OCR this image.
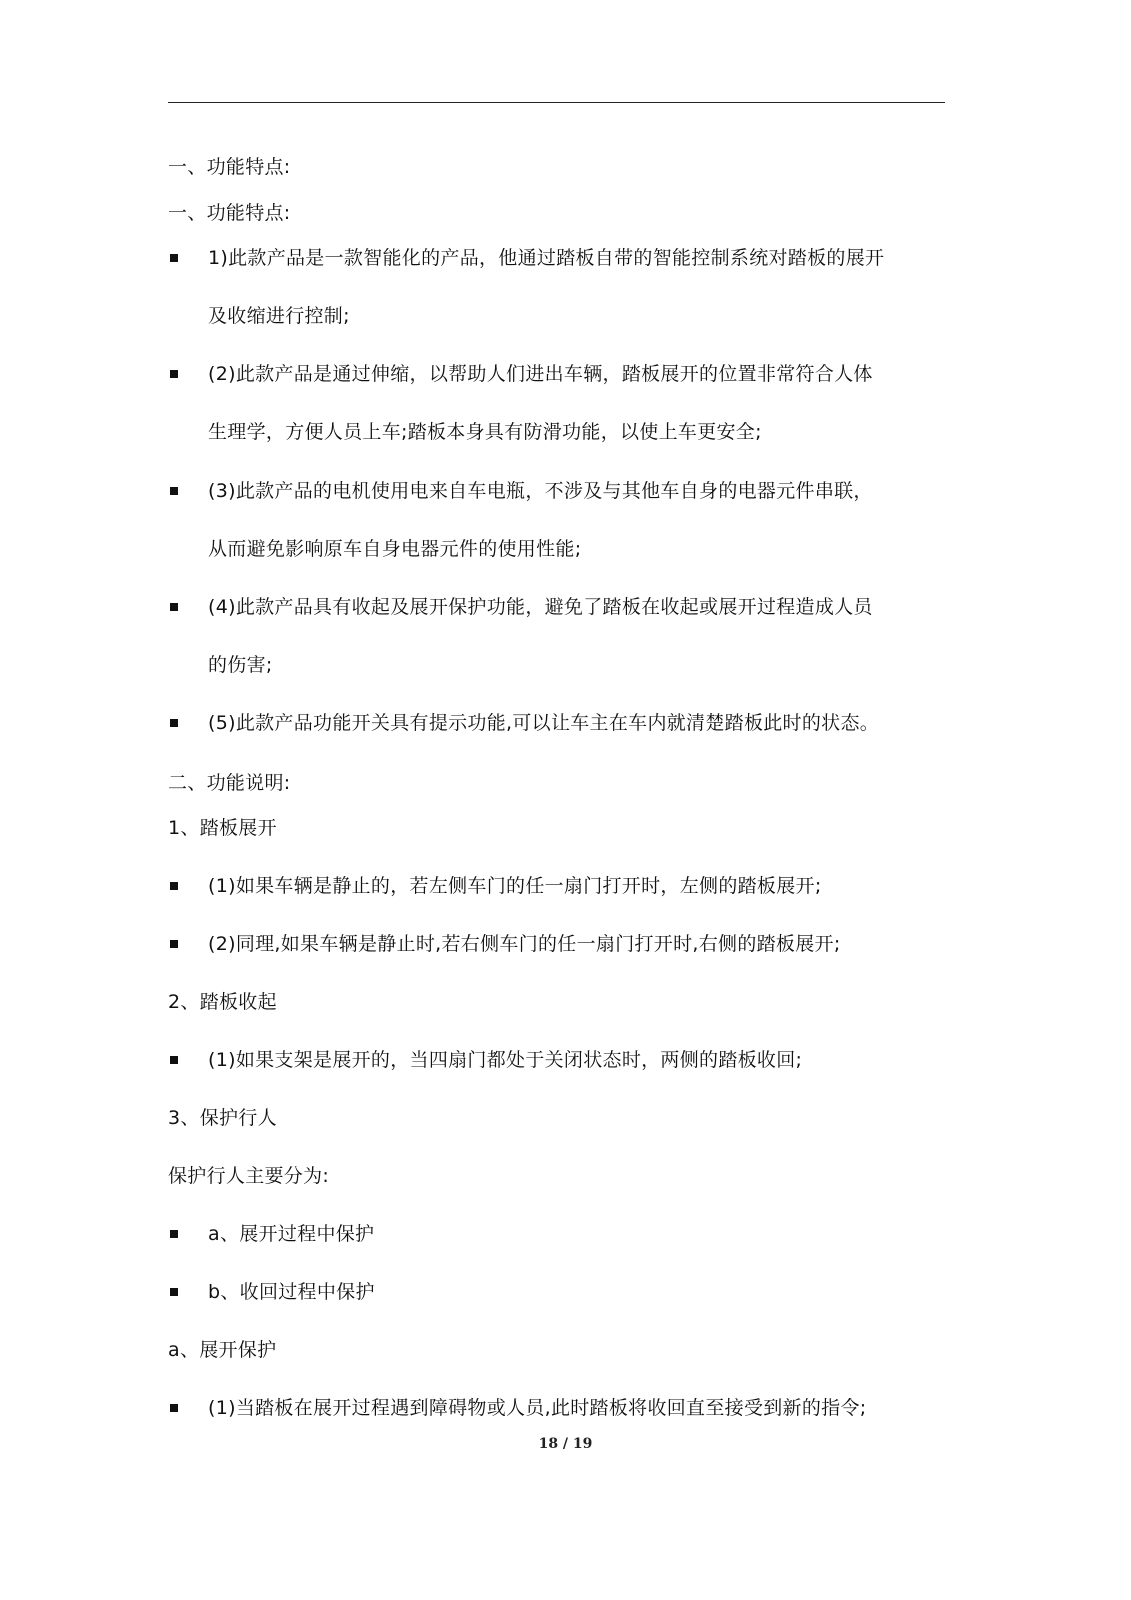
一、功能特点:
一、功能特点:
1)此款产品是一款智能化的产品，他通过踏板自带的智能控制系统对踏板的展开
及收缩进行控制;
(2)此款产品是通过伸缩，以帮助人们进出车辆，踏板展开的位置非常符合人体
生理学，方便人员上车;踏板本身具有防滑功能，以使上车更安全;
(3)此款产品的电机使用电来自车电瓶，不涉及与其他车自身的电器元件串联，
从而避免影响原车自身电器元件的使用性能;
(4)此款产品具有收起及展开保护功能，避免了踏板在收起或展开过程造成人员
的伤害;
(5)此款产品功能开关具有提示功能,可以让车主在车内就清楚踏板此时的状态。
二、功能说明:
1、踏板展开
(1)如果车辆是静止的，若左侧车门的任一扇门打开时，左侧的踏板展开;
(2)同理,如果车辆是静止时,若右侧车门的任一扇门打开时,右侧的踏板展开;
2、踏板收起
(1)如果支架是展开的，当四扇门都处于关闭状态时，两侧的踏板收回;
3、保护行人
保护行人主要分为:
a、展开过程中保护
b、收回过程中保护
a、展开保护
(1)当踏板在展开过程遇到障碍物或人员,此时踏板将收回直至接受到新的指令;
18 / 19
